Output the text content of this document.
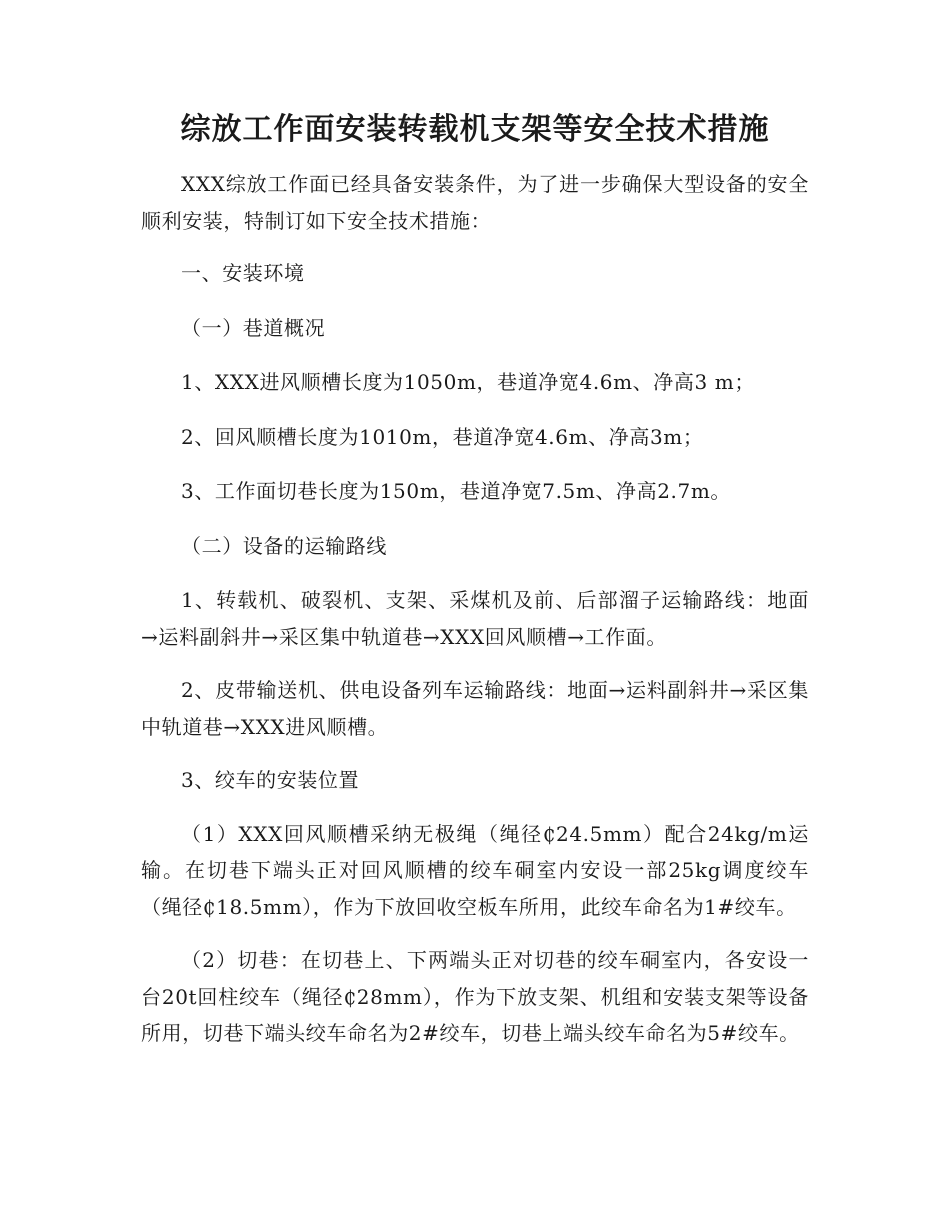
综放工作面安装转载机支架等安全技术措施

XXX综放工作面已经具备安装条件，为了进一步确保大型设备的安全顺利安装，特制订如下安全技术措施：

一、安装环境

（一）巷道概况

1、XXX进风顺槽长度为1050m，巷道净宽4.6m、净高3 m；

2、回风顺槽长度为1010m，巷道净宽4.6m、净高3m；

3、工作面切巷长度为150m，巷道净宽7.5m、净高2.7m。

（二）设备的运输路线

1、转载机、破裂机、支架、采煤机及前、后部溜子运输路线：地面→运料副斜井→采区集中轨道巷→XXX回风顺槽→工作面。

2、皮带输送机、供电设备列车运输路线：地面→运料副斜井→采区集中轨道巷→XXX进风顺槽。

3、绞车的安装位置

（1）XXX回风顺槽采纳无极绳（绳径₵24.5mm）配合24kg/m运输。在切巷下端头正对回风顺槽的绞车硐室内安设一部25kg调度绞车（绳径₵18.5mm），作为下放回收空板车所用，此绞车命名为1#绞车。

（2）切巷：在切巷上、下两端头正对切巷的绞车硐室内，各安设一台20t回柱绞车（绳径₵28mm），作为下放支架、机组和安装支架等设备所用，切巷下端头绞车命名为2#绞车，切巷上端头绞车命名为5#绞车。
